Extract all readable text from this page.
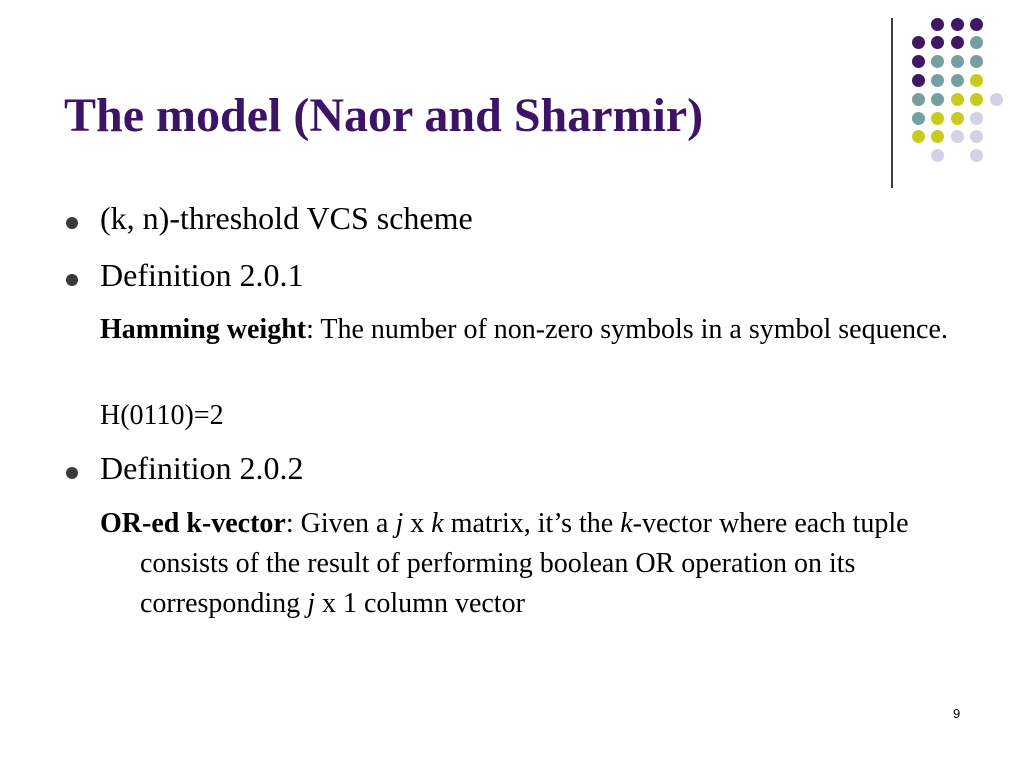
The model (Naor and Sharmir)
(k, n)-threshold VCS scheme
Definition 2.0.1
Hamming weight: The number of non-zero symbols in a symbol sequence.
H(0110)=2
Definition 2.0.2
OR-ed k-vector: Given a j x k matrix, it’s the k-vector where each tuple consists of the result of performing boolean OR operation on its corresponding j x 1 column vector
9
